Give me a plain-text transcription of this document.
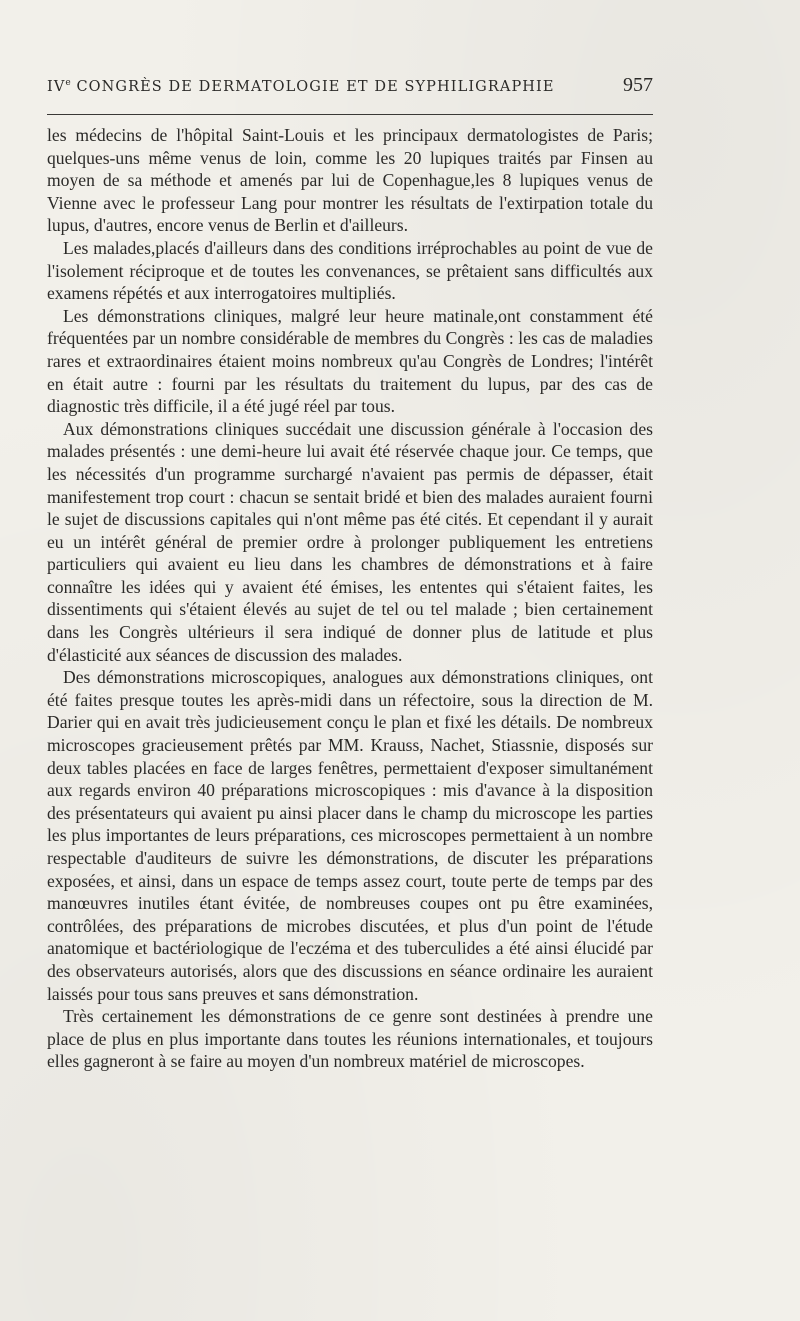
IVe CONGRÈS DE DERMATOLOGIE ET DE SYPHILIGRAPHIE	957

les médecins de l'hôpital Saint-Louis et les principaux dermatologistes de Paris; quelques-uns même venus de loin, comme les 20 lupiques traités par Finsen au moyen de sa méthode et amenés par lui de Copenhague,les 8 lupiques venus de Vienne avec le professeur Lang pour montrer les résultats de l'extirpation totale du lupus, d'autres, encore venus de Berlin et d'ailleurs.

Les malades,placés d'ailleurs dans des conditions irréprochables au point de vue de l'isolement réciproque et de toutes les convenances, se prêtaient sans difficultés aux examens répétés et aux interrogatoires multipliés.

Les démonstrations cliniques, malgré leur heure matinale,ont constamment été fréquentées par un nombre considérable de membres du Congrès : les cas de maladies rares et extraordinaires étaient moins nombreux qu'au Congrès de Londres; l'intérêt en était autre : fourni par les résultats du traitement du lupus, par des cas de diagnostic très difficile, il a été jugé réel par tous.

Aux démonstrations cliniques succédait une discussion générale à l'occasion des malades présentés : une demi-heure lui avait été réservée chaque jour. Ce temps, que les nécessités d'un programme surchargé n'avaient pas permis de dépasser, était manifestement trop court : chacun se sentait bridé et bien des malades auraient fourni le sujet de discussions capitales qui n'ont même pas été cités. Et cependant il y aurait eu un intérêt général de premier ordre à prolonger publiquement les entretiens particuliers qui avaient eu lieu dans les chambres de démonstrations et à faire connaître les idées qui y avaient été émises, les ententes qui s'étaient faites, les dissentiments qui s'étaient élevés au sujet de tel ou tel malade ; bien certainement dans les Congrès ultérieurs il sera indiqué de donner plus de latitude et plus d'élasticité aux séances de discussion des malades.

Des démonstrations microscopiques, analogues aux démonstrations cliniques, ont été faites presque toutes les après-midi dans un réfectoire, sous la direction de M. Darier qui en avait très judicieusement conçu le plan et fixé les détails. De nombreux microscopes gracieusement prêtés par MM. Krauss, Nachet, Stiassnie, disposés sur deux tables placées en face de larges fenêtres, permettaient d'exposer simultanément aux regards environ 40 préparations microscopiques : mis d'avance à la disposition des présentateurs qui avaient pu ainsi placer dans le champ du microscope les parties les plus importantes de leurs préparations, ces microscopes permettaient à un nombre respectable d'auditeurs de suivre les démonstrations, de discuter les préparations exposées, et ainsi, dans un espace de temps assez court, toute perte de temps par des manœuvres inutiles étant évitée, de nombreuses coupes ont pu être examinées, contrôlées, des préparations de microbes discutées, et plus d'un point de l'étude anatomique et bactériologique de l'eczéma et des tuberculides a été ainsi élucidé par des observateurs autorisés, alors que des discussions en séance ordinaire les auraient laissés pour tous sans preuves et sans démonstration.

Très certainement les démonstrations de ce genre sont destinées à prendre une place de plus en plus importante dans toutes les réunions internationales, et toujours elles gagneront à se faire au moyen d'un nombreux matériel de microscopes.
